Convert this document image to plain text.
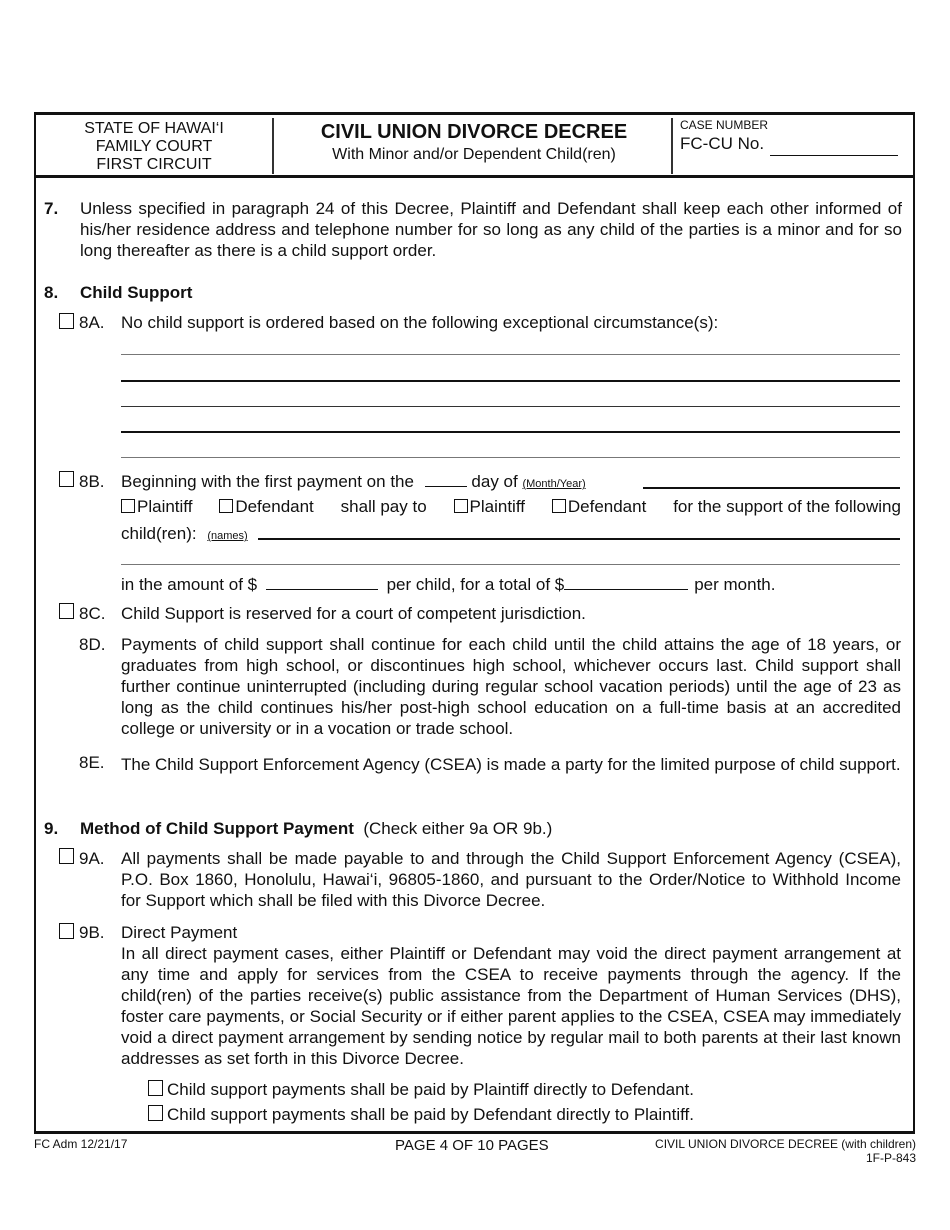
STATE OF HAWAI‘I
FAMILY COURT
FIRST CIRCUIT
CIVIL UNION DIVORCE DECREE
With Minor and/or Dependent Child(ren)
CASE NUMBER
FC-CU No.
7. Unless specified in paragraph 24 of this Decree, Plaintiff and Defendant shall keep each other informed of his/her residence address and telephone number for so long as any child of the parties is a minor and for so long thereafter as there is a child support order.
8. Child Support
8A. No child support is ordered based on the following exceptional circumstance(s):
8B. Beginning with the first payment on the	day of (Month/Year)
Plaintiff	Defendant shall pay to	Plaintiff	Defendant for the support of the following
child(ren): (names)
in the amount of $	per child, for a total of $	per month.
8C. Child Support is reserved for a court of competent jurisdiction.
8D. Payments of child support shall continue for each child until the child attains the age of 18 years, or graduates from high school, or discontinues high school, whichever occurs last. Child support shall further continue uninterrupted (including during regular school vacation periods) until the age of 23 as long as the child continues his/her post-high school education on a full-time basis at an accredited college or university or in a vocation or trade school.
8E. The Child Support Enforcement Agency (CSEA) is made a party for the limited purpose of child support.
9. Method of Child Support Payment (Check either 9a OR 9b.)
9A. All payments shall be made payable to and through the Child Support Enforcement Agency (CSEA), P.O. Box 1860, Honolulu, Hawai‘i, 96805-1860, and pursuant to the Order/Notice to Withhold Income for Support which shall be filed with this Divorce Decree.
9B. Direct Payment
In all direct payment cases, either Plaintiff or Defendant may void the direct payment arrangement at any time and apply for services from the CSEA to receive payments through the agency. If the child(ren) of the parties receive(s) public assistance from the Department of Human Services (DHS), foster care payments, or Social Security or if either parent applies to the CSEA, CSEA may immediately void a direct payment arrangement by sending notice by regular mail to both parents at their last known addresses as set forth in this Divorce Decree.
Child support payments shall be paid by Plaintiff directly to Defendant.
Child support payments shall be paid by Defendant directly to Plaintiff.
FC Adm 12/21/17	PAGE 4 OF 10 PAGES	CIVIL UNION DIVORCE DECREE (with children)
1F-P-843
